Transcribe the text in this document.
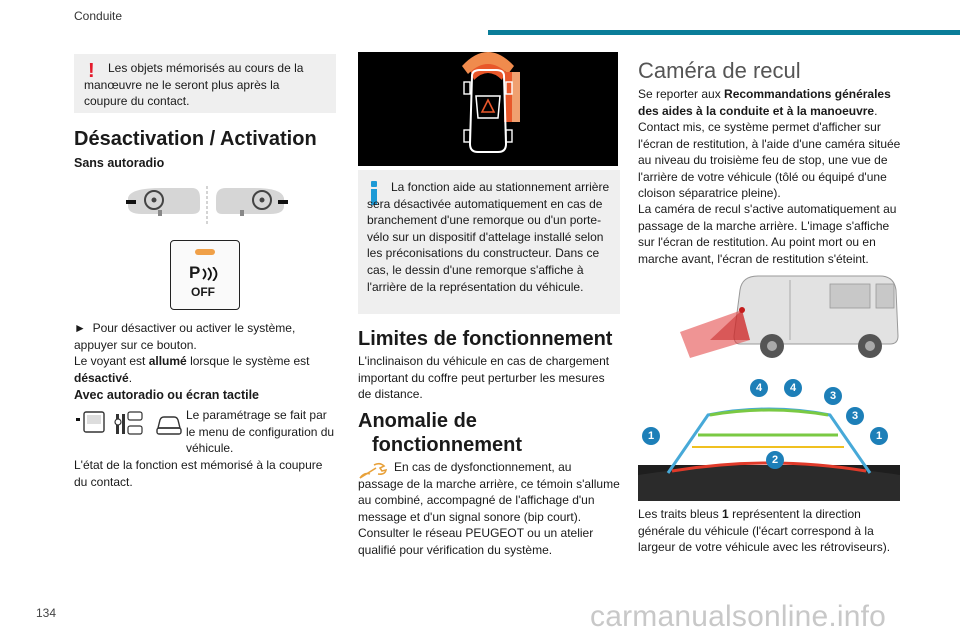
Conduite
!	Les objets mémorisés au cours de la manœuvre ne le seront plus après la coupure du contact.
Désactivation / Activation
Sans autoradio
P
OFF
► Pour désactiver ou activer le système, appuyer sur ce bouton.
Le voyant est allumé lorsque le système est désactivé.
Avec autoradio ou écran tactile
Le paramétrage se fait par le menu de configuration du véhicule.
L'état de la fonction est mémorisé à la coupure du contact.
La fonction aide au stationnement arrière sera désactivée automatiquement en cas de branchement d'une remorque ou d'un porte-vélo sur un dispositif d'attelage installé selon les préconisations du constructeur. Dans ce cas, le dessin d'une remorque s'affiche à l'arrière de la représentation du véhicule.
Limites de fonctionnement
L'inclinaison du véhicule en cas de chargement important du coffre peut perturber les mesures de distance.
Anomalie de
fonctionnement
En cas de dysfonctionnement, au passage de la marche arrière, ce témoin s'allume au combiné, accompagné de l'affichage d'un message et d'un signal sonore (bip court). Consulter le réseau PEUGEOT ou un atelier qualifié pour vérification du système.
Caméra de recul
Se reporter aux Recommandations générales des aides à la conduite et à la manoeuvre.
Contact mis, ce système permet d'afficher sur l'écran de restitution, à l'aide d'une caméra située au niveau du troisième feu de stop, une vue de l'arrière de votre véhicule (tôlé ou équipé d'une cloison séparatrice pleine).
La caméra de recul s'active automatiquement au passage de la marche arrière. L'image s'affiche sur l'écran de restitution. Au point mort ou en marche avant, l'écran de restitution s'éteint.
1	1
2
3
3
4	4
Les traits bleus 1 représentent la direction générale du véhicule (l'écart correspond à la largeur de votre véhicule avec les rétroviseurs).
134	carmanualsonline.info
